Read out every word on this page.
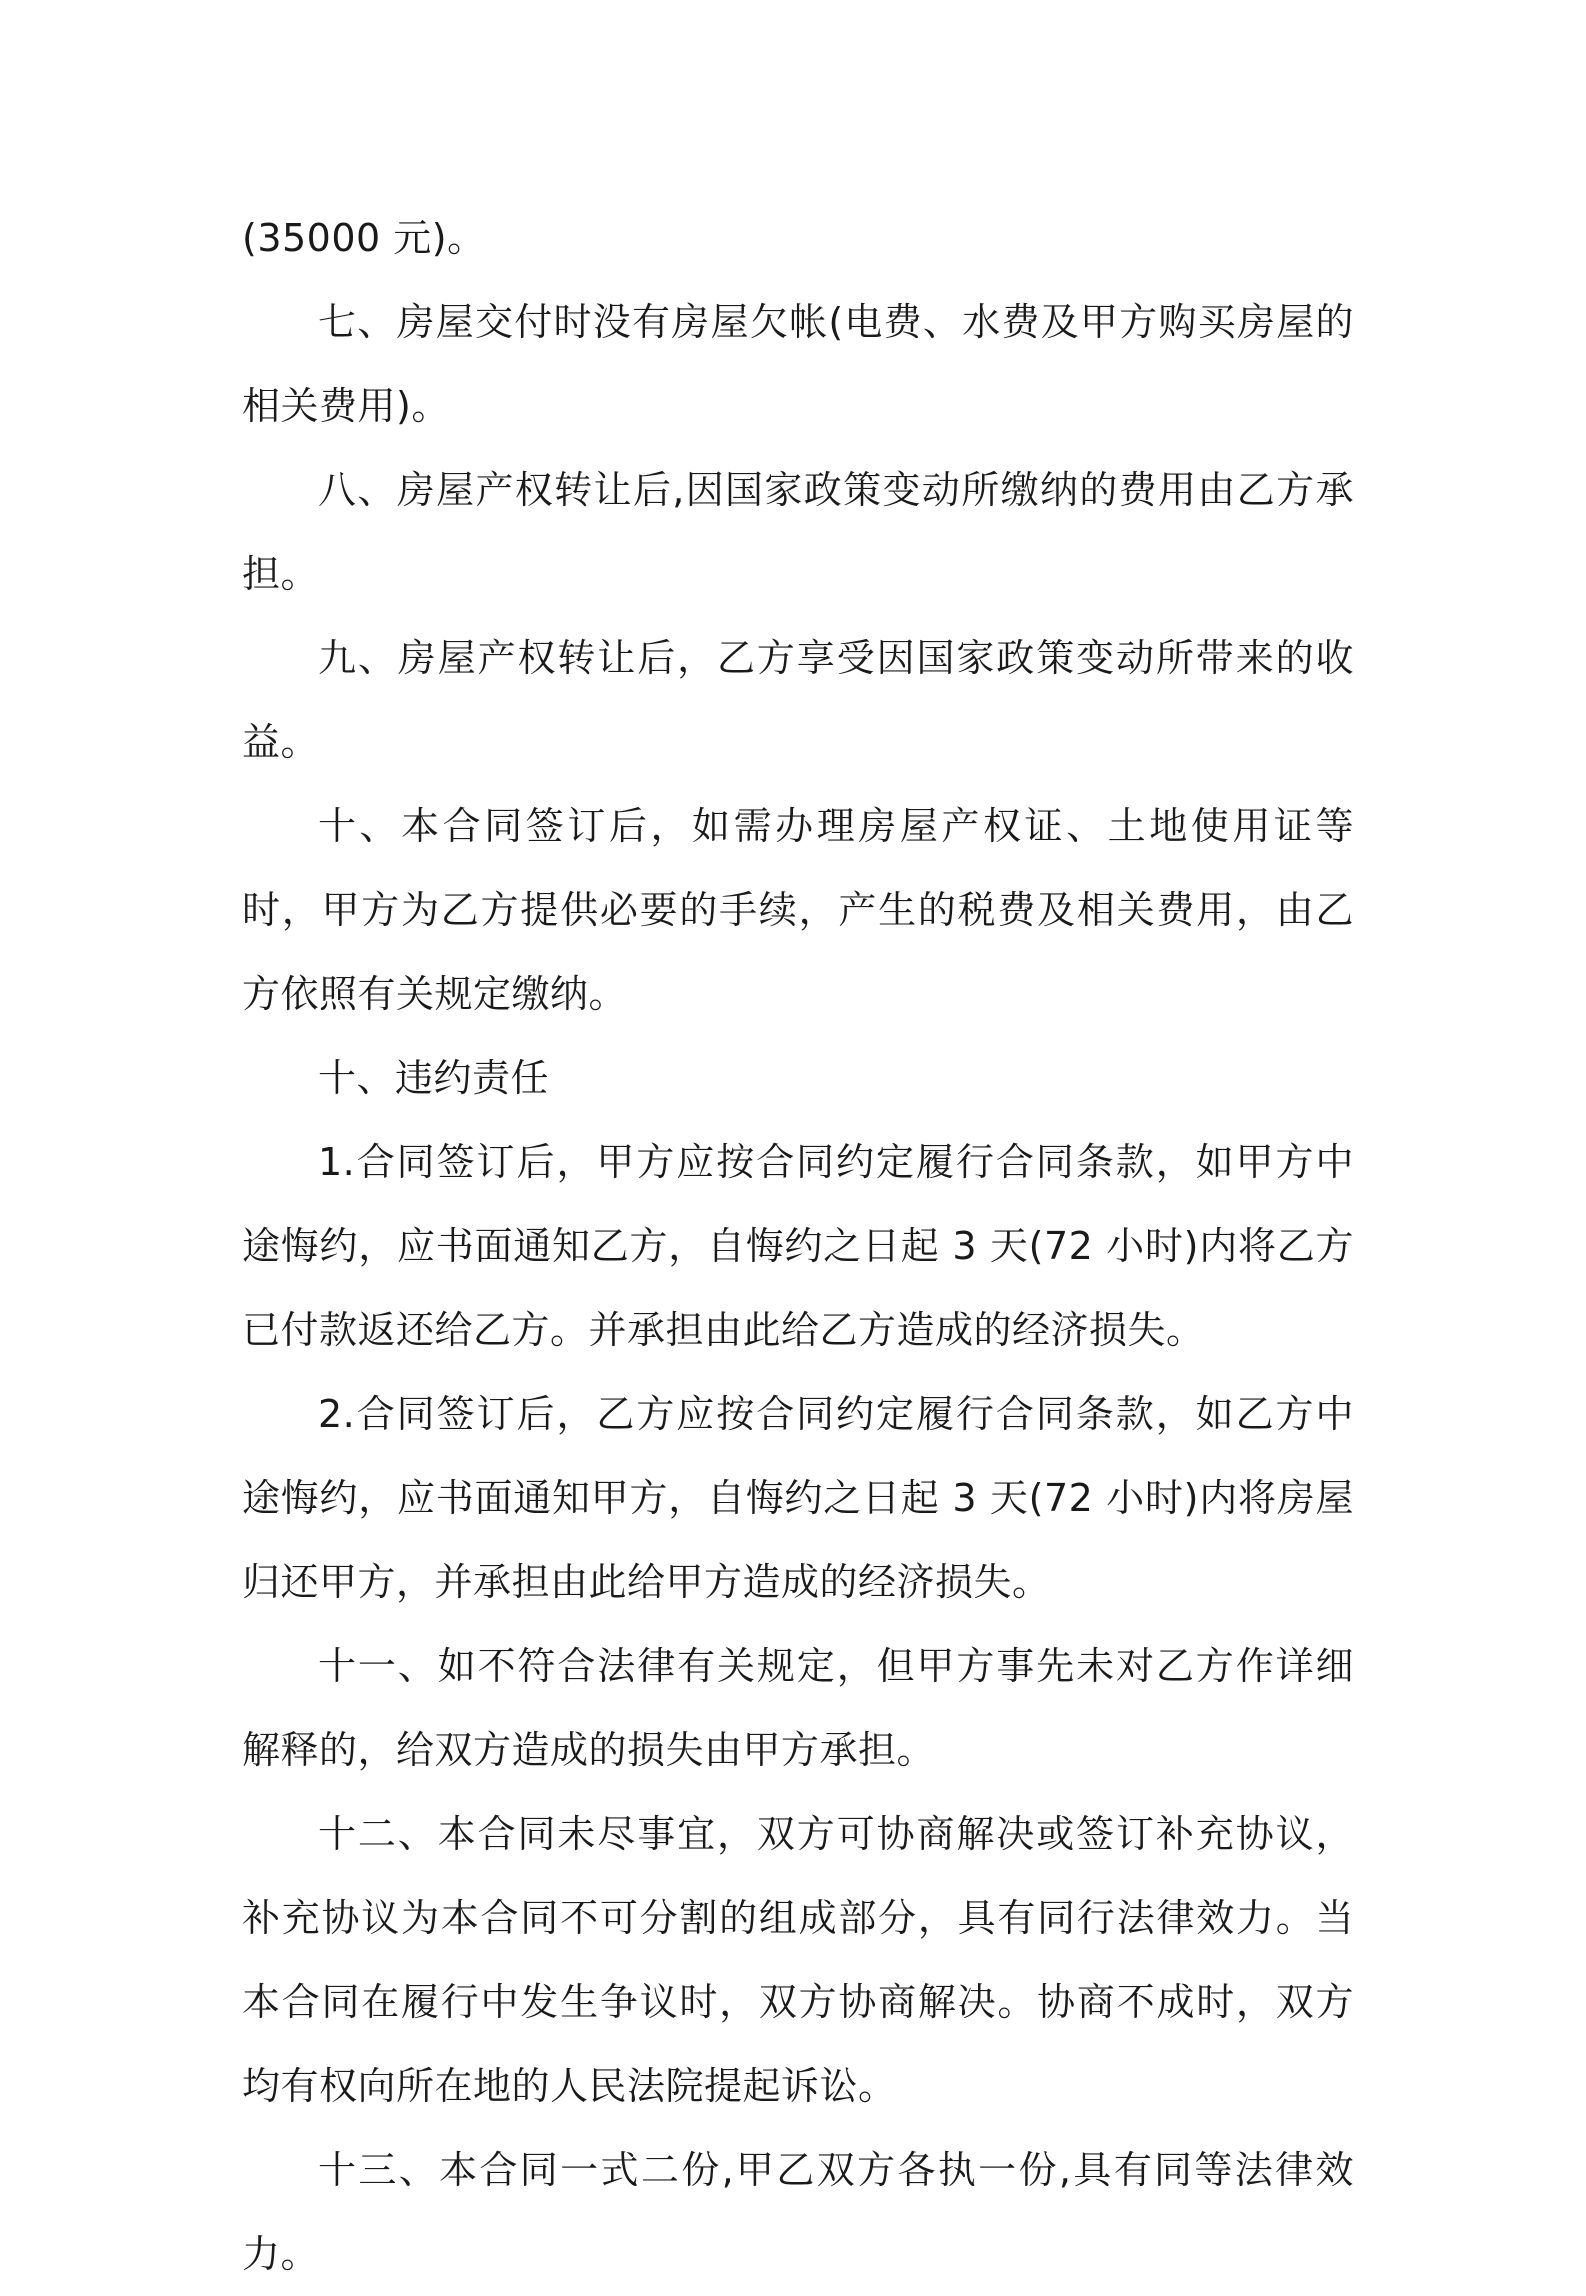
(35000 元)。

七、房屋交付时没有房屋欠帐(电费、水费及甲方购买房屋的相关费用)。

八、房屋产权转让后,因国家政策变动所缴纳的费用由乙方承担。

九、房屋产权转让后，乙方享受因国家政策变动所带来的收益。

十、本合同签订后，如需办理房屋产权证、土地使用证等时，甲方为乙方提供必要的手续，产生的税费及相关费用，由乙方依照有关规定缴纳。

十、违约责任

1.合同签订后，甲方应按合同约定履行合同条款，如甲方中途悔约，应书面通知乙方，自悔约之日起 3 天(72 小时)内将乙方已付款返还给乙方。并承担由此给乙方造成的经济损失。

2.合同签订后，乙方应按合同约定履行合同条款，如乙方中途悔约，应书面通知甲方，自悔约之日起 3 天(72 小时)内将房屋归还甲方，并承担由此给甲方造成的经济损失。

十一、如不符合法律有关规定，但甲方事先未对乙方作详细解释的，给双方造成的损失由甲方承担。

十二、本合同未尽事宜，双方可协商解决或签订补充协议，补充协议为本合同不可分割的组成部分，具有同行法律效力。当本合同在履行中发生争议时，双方协商解决。协商不成时，双方均有权向所在地的人民法院提起诉讼。

十三、本合同一式二份,甲乙双方各执一份,具有同等法律效力。
